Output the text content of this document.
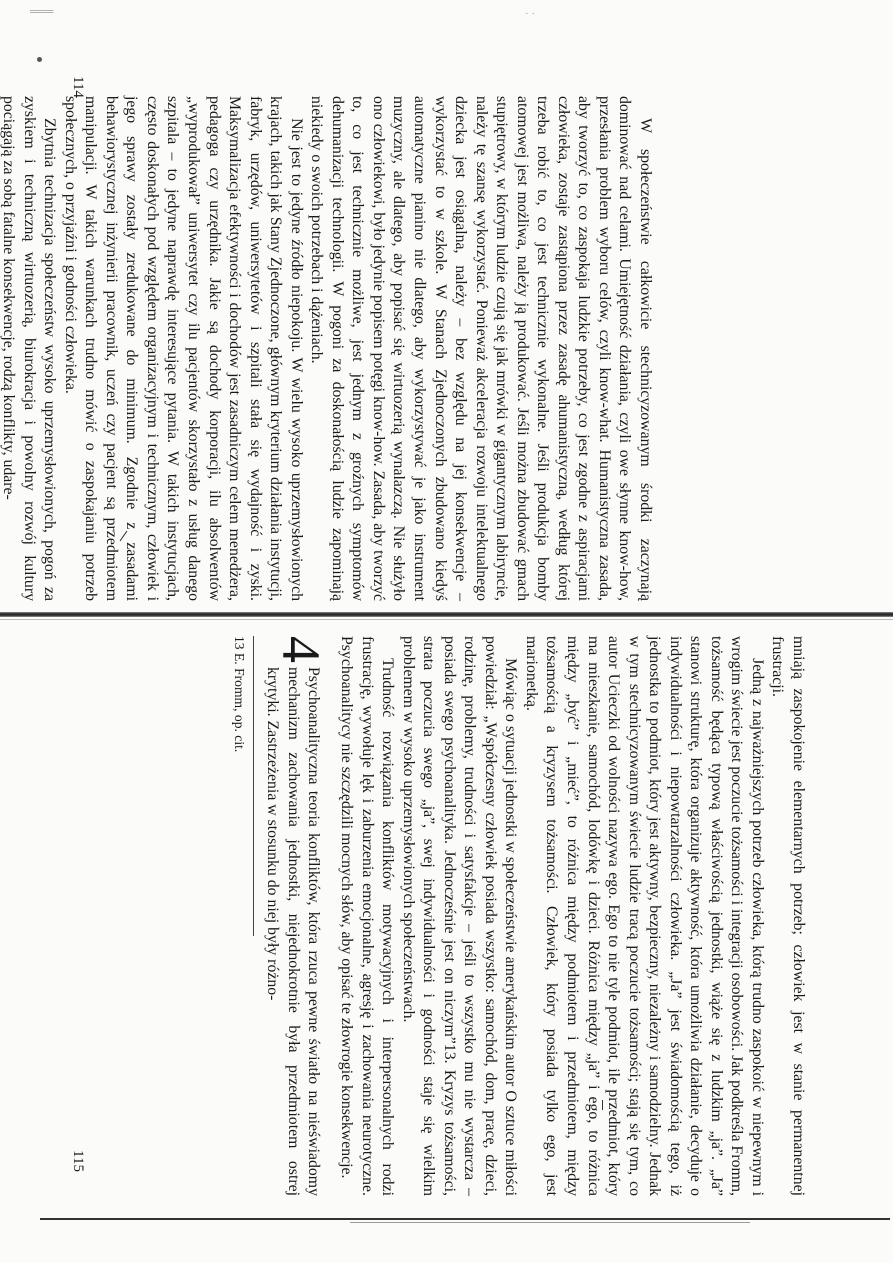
W społeczeństwie całkowicie stechnicyzowanym środki zaczynają dominować nad celami. Umiejętność działania, czyli owe słynne know-how, przesłania problem wyboru celów, czyli know-what. Humanistyczna zasada, aby tworzyć to, co zaspokaja ludzkie potrzeby, co jest zgodne z aspiracjami człowieka, zostaje zastąpiona przez zasadę ahumanistyczną, według której trzeba robić to, co jest technicznie wykonalne. Jeśli produkcja bomby atomowej jest możliwa, należy ją produkować. Jeśli można zbudować gmach stupiętrowy, w którym ludzie czują się jak mrówki w gigantycznym labiryncie, należy tę szansę wykorzystać. Ponieważ akceleracja rozwoju intelektualnego dziecka jest osiągalna, należy – bez względu na jej konsekwencje – wykorzystać to w szkole. W Stanach Zjednoczonych zbudowano kiedyś automatyczne pianino nie dlatego, aby wykorzystywać je jako instrument muzyczny, ale dlatego, aby popisać się wirtuozerią wynalazczą. Nie służyło ono człowiekowi, było jedynie popisem potęgi know-how. Zasada, aby tworzyć to, co jest technicznie możliwe, jest jednym z groźnych symptomów dehumanizacji technologii. W pogoni za doskonałością ludzie zapominają niekiedy o swoich potrzebach i dążeniach.

Nie jest to jedyne źródło niepokoju. W wielu wysoko uprzemysłowionych krajach, takich jak Stany Zjednoczone, głównym kryterium działania instytucji, fabryk, urzędów, uniwersytetów i szpitali stała się wydajność i zyski. Maksymalizacja efektywności i dochodów jest zasadniczym celem menedżera, pedagoga czy urzędnika. Jakie są dochody korporacji, ilu absolwentów „wyprodukował” uniwersytet czy ilu pacjentów skorzystało z usług danego szpitala – to jedyne naprawdę interesujące pytania. W takich instytucjach, często doskonałych pod względem organizacyjnym i technicznym, człowiek i jego sprawy zostały zredukowane do minimum. Zgodnie z zasadami behawiorystycznej inżynierii pracownik, uczeń czy pacjent są przedmiotem manipulacji. W takich warunkach trudno mówić o zaspokajaniu potrzeb społecznych, o przyjaźni i godności człowieka.

Zbytnia technizacja społeczeństw wysoko uprzemysłowionych, pogoń za zyskiem i techniczną wirtuozerią, biurokracja i powolny rozwój kultury pociągają za sobą fatalne konsekwencje, rodzą konflikty, udare-

114

mniają zaspokojenie elementarnych potrzeb; człowiek jest w stanie permanentnej frustracji.

Jedną z najważniejszych potrzeb człowieka, którą trudno zaspokoić w niepewnym i wrogim świecie jest poczucie tożsamości i integracji osobowości. Jak podkreśla Fromm, tożsamość będąca typową właściwością jednostki, wiąże się z ludzkim „ja”. „Ja” stanowi strukturę, która organizuje aktywność, która umożliwia działanie, decyduje o indywidualności i niepowtarzalności człowieka. „Ja” jest świadomością tego, iż jednostka to podmiot, który jest aktywny, bezpieczny, niezależny i samodzielny. Jednak w tym stechnicyzowanym świecie ludzie tracą poczucie tożsamości; stają się tym, co autor Ucieczki od wolności nazywa ego. Ego to nie tyle podmiot, ile przedmiot, który ma mieszkanie, samochód, lodówkę i dzieci. Różnica między „ja” i ego, to różnica między „być” i „mieć”, to różnica między podmiotem i przedmiotem, między tożsamością a kryzysem tożsamości. Człowiek, który posiada tylko ego, jest marionetką.

Mówiąc o sytuacji jednostki w społeczeństwie amerykańskim autor O sztuce miłości powiedział: „Współczesny człowiek posiada wszystko: samochód, dom, pracę, dzieci, rodzinę, problemy, trudności i satysfakcje – jeśli to wszystko mu nie wystarcza – posiada swego psychoanalityka. Jednocześnie jest on niczym”13. Kryzys tożsamości, strata poczucia swego „ja”, swej indywidualności i godności staje się wielkim problemem w wysoko uprzemysłowionych społeczeństwach.

Trudność rozwiązania konfliktów motywacyjnych i interpersonalnych rodzi frustrację, wywołuje lęk i zaburzenia emocjonalne, agresję i zachowania neurotyczne. Psychoanalitycy nie szczędzili mocnych słów, aby opisać te złowrogie konsekwencje.

4
Psychoanalityczna teoria konfliktów, która rzuca pewne światło na nieświadomy mechanizm zachowania jednostki, niejednokrotnie była przedmiotem ostrej krytyki. Zastrzeżenia w stosunku do niej były różno-

13 E. Fromm, op. cit.

115
═══	· ·
